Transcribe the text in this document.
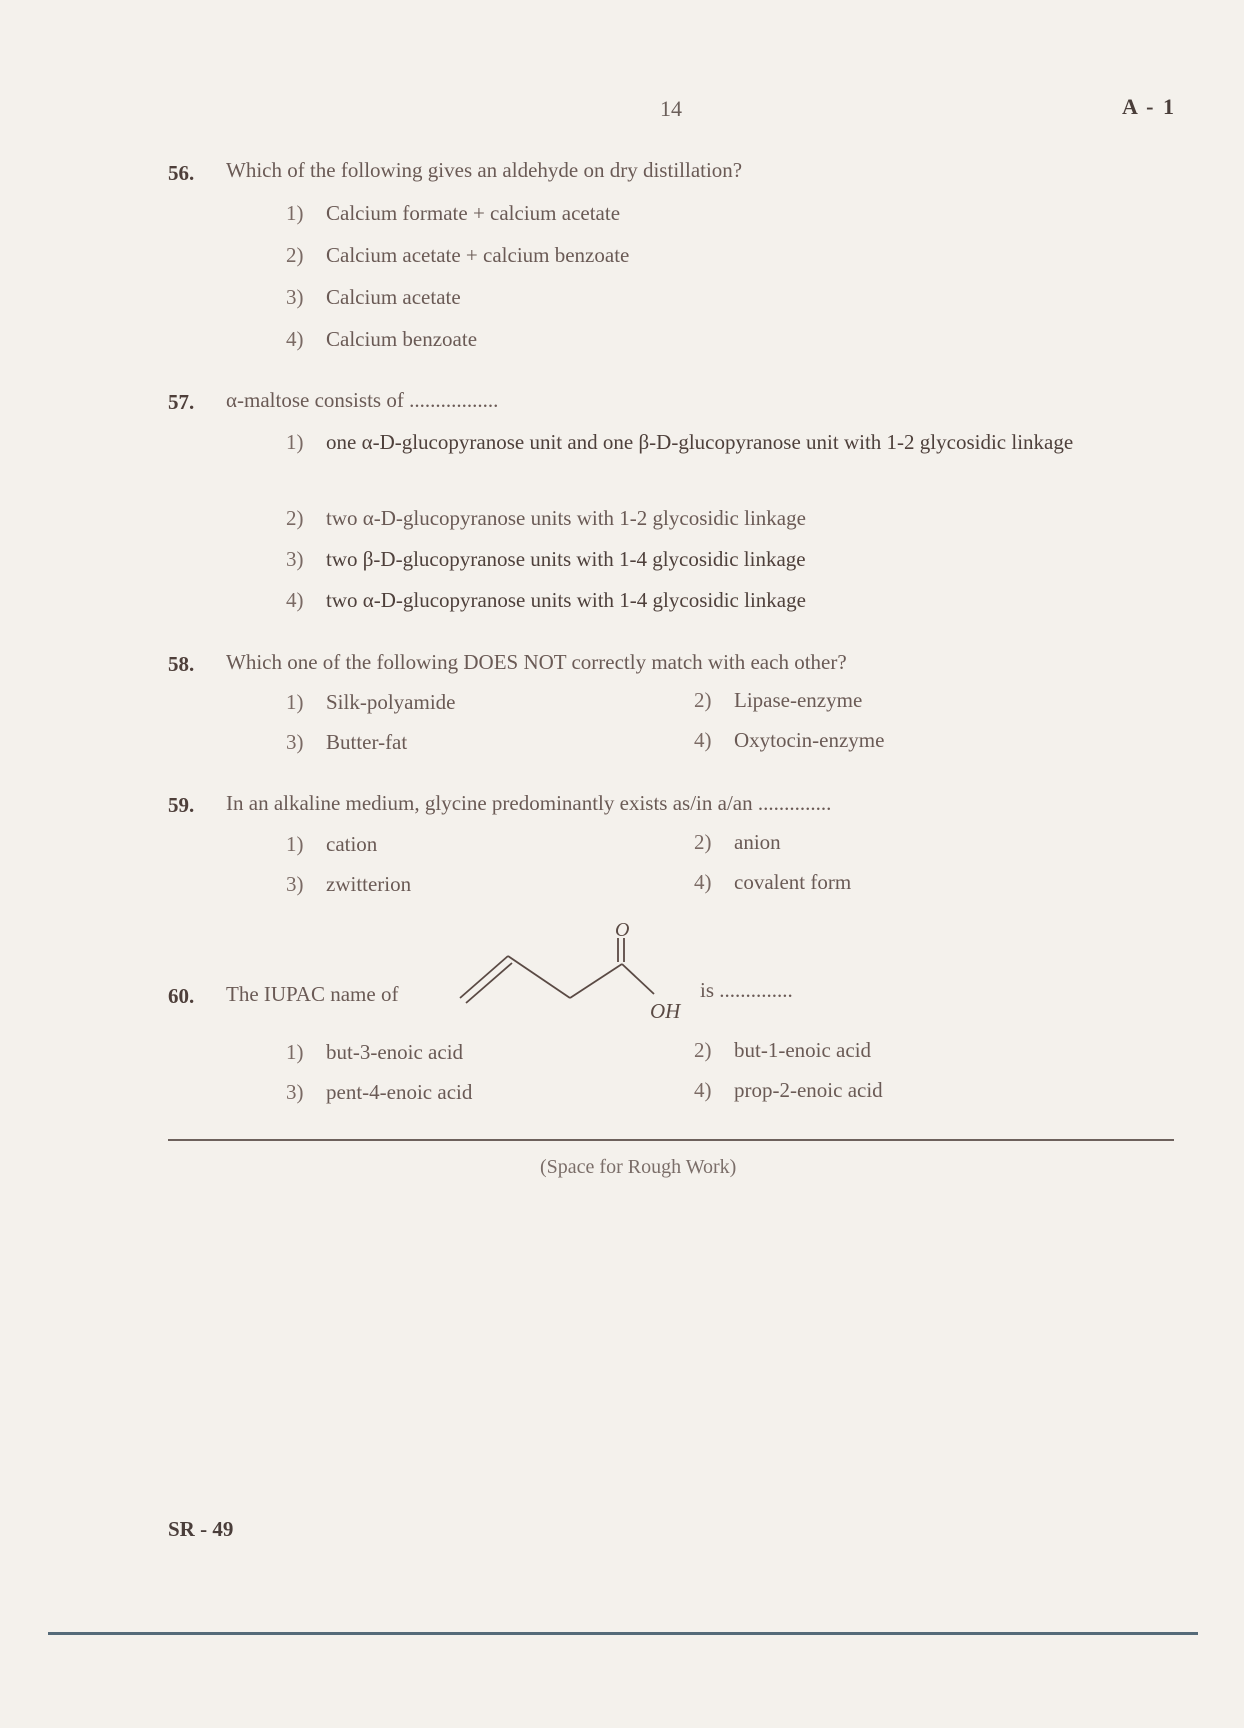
14	A - 1
56. Which of the following gives an aldehyde on dry distillation?
1) Calcium formate + calcium acetate
2) Calcium acetate + calcium benzoate
3) Calcium acetate
4) Calcium benzoate
57. α-maltose consists of .................
1) one α-D-glucopyranose unit and one β-D-glucopyranose unit with 1-2 glycosidic linkage
2) two α-D-glucopyranose units with 1-2 glycosidic linkage
3) two β-D-glucopyranose units with 1-4 glycosidic linkage
4) two α-D-glucopyranose units with 1-4 glycosidic linkage
58. Which one of the following DOES NOT correctly match with each other?
1) Silk-polyamide	2) Lipase-enzyme
3) Butter-fat	4) Oxytocin-enzyme
59. In an alkaline medium, glycine predominantly exists as/in a/an ..............
1) cation	2) anion
3) zwitterion	4) covalent form
60. The IUPAC name of
O
OH
is ..............
1) but-3-enoic acid	2) but-1-enoic acid
3) pent-4-enoic acid	4) prop-2-enoic acid
(Space for Rough Work)
SR - 49
